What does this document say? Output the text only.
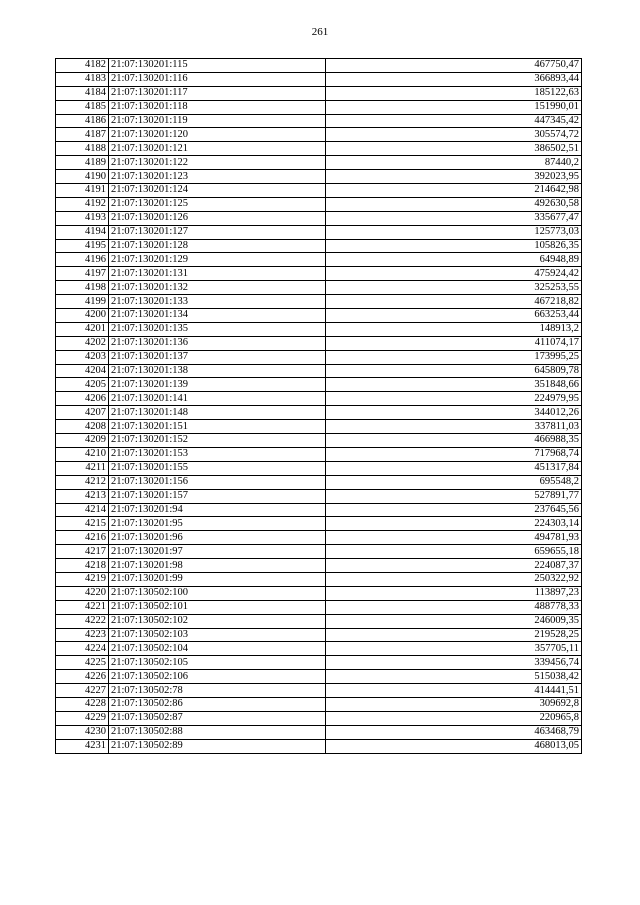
261
4182	21:07:130201:115	467750,47
4183	21:07:130201:116	366893,44
4184	21:07:130201:117	185122,63
4185	21:07:130201:118	151990,01
4186	21:07:130201:119	447345,42
4187	21:07:130201:120	305574,72
4188	21:07:130201:121	386502,51
4189	21:07:130201:122	87440,2
4190	21:07:130201:123	392023,95
4191	21:07:130201:124	214642,98
4192	21:07:130201:125	492630,58
4193	21:07:130201:126	335677,47
4194	21:07:130201:127	125773,03
4195	21:07:130201:128	105826,35
4196	21:07:130201:129	64948,89
4197	21:07:130201:131	475924,42
4198	21:07:130201:132	325253,55
4199	21:07:130201:133	467218,82
4200	21:07:130201:134	663253,44
4201	21:07:130201:135	148913,2
4202	21:07:130201:136	411074,17
4203	21:07:130201:137	173995,25
4204	21:07:130201:138	645809,78
4205	21:07:130201:139	351848,66
4206	21:07:130201:141	224979,95
4207	21:07:130201:148	344012,26
4208	21:07:130201:151	337811,03
4209	21:07:130201:152	466988,35
4210	21:07:130201:153	717968,74
4211	21:07:130201:155	451317,84
4212	21:07:130201:156	695548,2
4213	21:07:130201:157	527891,77
4214	21:07:130201:94	237645,56
4215	21:07:130201:95	224303,14
4216	21:07:130201:96	494781,93
4217	21:07:130201:97	659655,18
4218	21:07:130201:98	224087,37
4219	21:07:130201:99	250322,92
4220	21:07:130502:100	113897,23
4221	21:07:130502:101	488778,33
4222	21:07:130502:102	246009,35
4223	21:07:130502:103	219528,25
4224	21:07:130502:104	357705,11
4225	21:07:130502:105	339456,74
4226	21:07:130502:106	515038,42
4227	21:07:130502:78	414441,51
4228	21:07:130502:86	309692,8
4229	21:07:130502:87	220965,8
4230	21:07:130502:88	463468,79
4231	21:07:130502:89	468013,05
